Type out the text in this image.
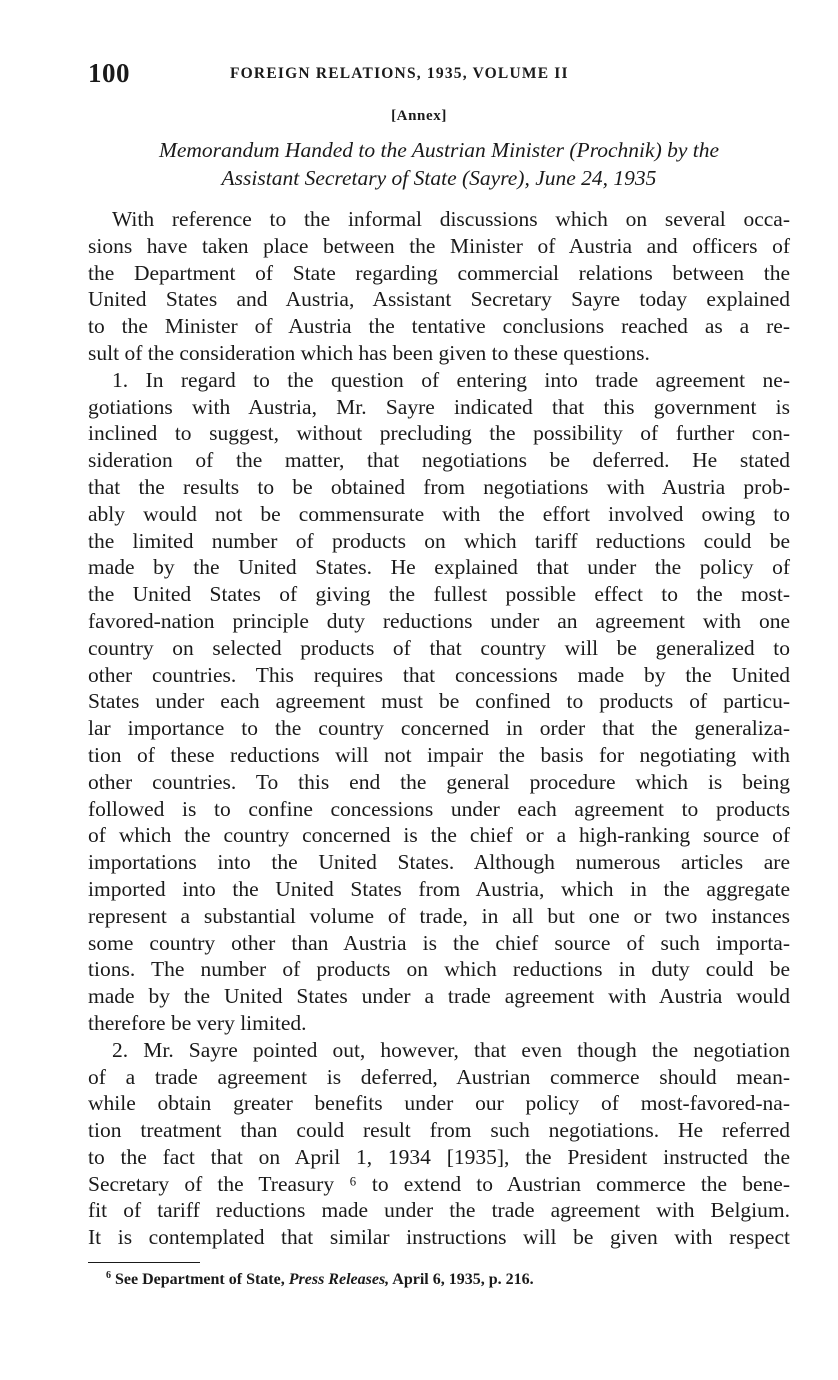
100	FOREIGN RELATIONS, 1935, VOLUME II
[Annex]
Memorandum Handed to the Austrian Minister (Prochnik) by the
Assistant Secretary of State (Sayre), June 24, 1935
With reference to the informal discussions which on several occa-
sions have taken place between the Minister of Austria and officers of
the Department of State regarding commercial relations between the
United States and Austria, Assistant Secretary Sayre today explained
to the Minister of Austria the tentative conclusions reached as a re-
sult of the consideration which has been given to these questions.
1. In regard to the question of entering into trade agreement ne-
gotiations with Austria, Mr. Sayre indicated that this government is
inclined to suggest, without precluding the possibility of further con-
sideration of the matter, that negotiations be deferred. He stated
that the results to be obtained from negotiations with Austria prob-
ably would not be commensurate with the effort involved owing to
the limited number of products on which tariff reductions could be
made by the United States. He explained that under the policy of
the United States of giving the fullest possible effect to the most-
favored-nation principle duty reductions under an agreement with one
country on selected products of that country will be generalized to
other countries. This requires that concessions made by the United
States under each agreement must be confined to products of particu-
lar importance to the country concerned in order that the generaliza-
tion of these reductions will not impair the basis for negotiating with
other countries. To this end the general procedure which is being
followed is to confine concessions under each agreement to products
of which the country concerned is the chief or a high-ranking source of
importations into the United States. Although numerous articles are
imported into the United States from Austria, which in the aggregate
represent a substantial volume of trade, in all but one or two instances
some country other than Austria is the chief source of such importa-
tions. The number of products on which reductions in duty could be
made by the United States under a trade agreement with Austria would
therefore be very limited.
2. Mr. Sayre pointed out, however, that even though the negotiation
of a trade agreement is deferred, Austrian commerce should mean-
while obtain greater benefits under our policy of most-favored-na-
tion treatment than could result from such negotiations. He referred
to the fact that on April 1, 1934 [1935], the President instructed the
Secretary of the Treasury ⁶ to extend to Austrian commerce the bene-
fit of tariff reductions made under the trade agreement with Belgium.
It is contemplated that similar instructions will be given with respect
$^6$ See Department of State, Press Releases, April 6, 1935, p. 216.
